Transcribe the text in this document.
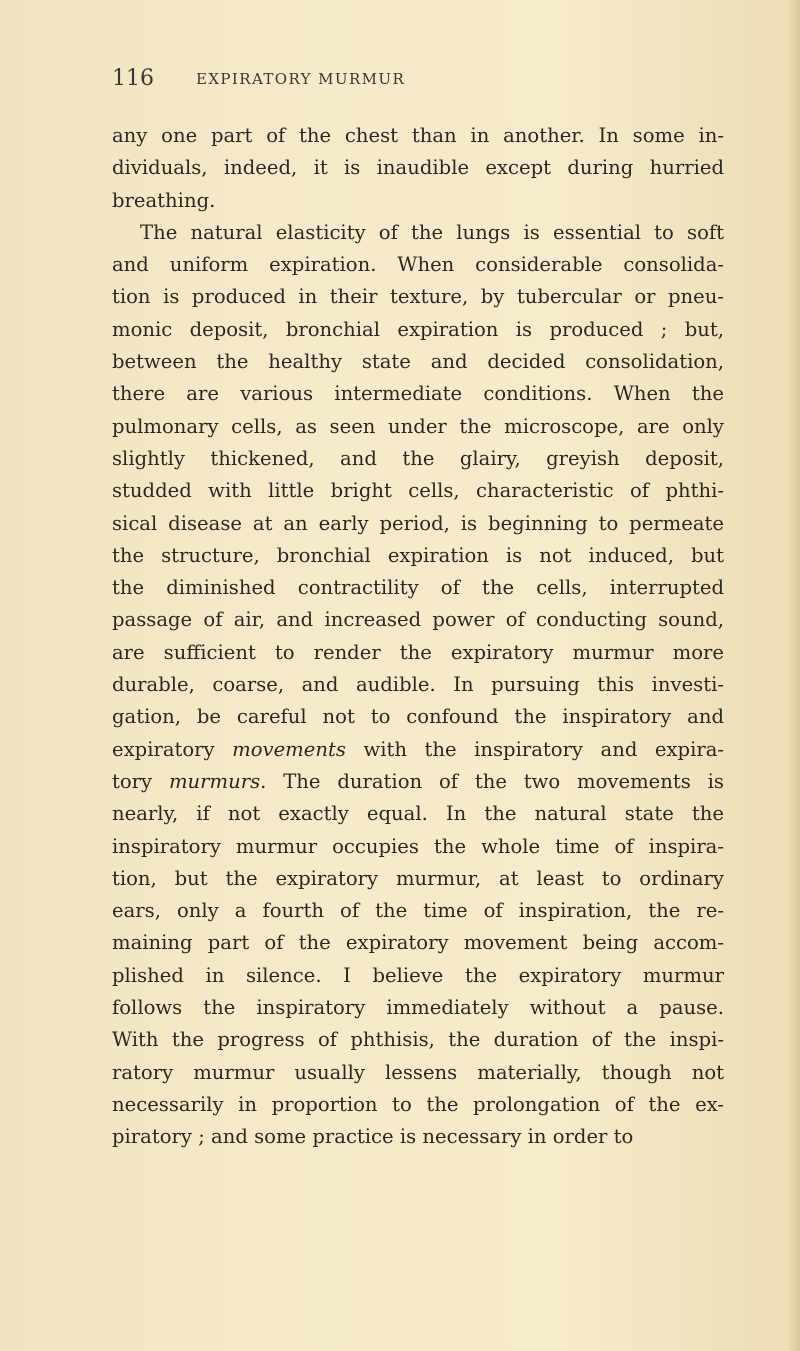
116	EXPIRATORY MURMUR
any one part of the chest than in another. In some in-
dividuals, indeed, it is inaudible except during hurried
breathing.
The natural elasticity of the lungs is essential to soft
and uniform expiration. When considerable consolida-
tion is produced in their texture, by tubercular or pneu-
monic deposit, bronchial expiration is produced ; but,
between the healthy state and decided consolidation,
there are various intermediate conditions. When the
pulmonary cells, as seen under the microscope, are only
slightly thickened, and the glairy, greyish deposit,
studded with little bright cells, characteristic of phthi-
sical disease at an early period, is beginning to permeate
the structure, bronchial expiration is not induced, but
the diminished contractility of the cells, interrupted
passage of air, and increased power of conducting sound,
are sufficient to render the expiratory murmur more
durable, coarse, and audible. In pursuing this investi-
gation, be careful not to confound the inspiratory and
expiratory movements with the inspiratory and expira-
tory murmurs. The duration of the two movements is
nearly, if not exactly equal. In the natural state the
inspiratory murmur occupies the whole time of inspira-
tion, but the expiratory murmur, at least to ordinary
ears, only a fourth of the time of inspiration, the re-
maining part of the expiratory movement being accom-
plished in silence. I believe the expiratory murmur
follows the inspiratory immediately without a pause.
With the progress of phthisis, the duration of the inspi-
ratory murmur usually lessens materially, though not
necessarily in proportion to the prolongation of the ex-
piratory ; and some practice is necessary in order to
